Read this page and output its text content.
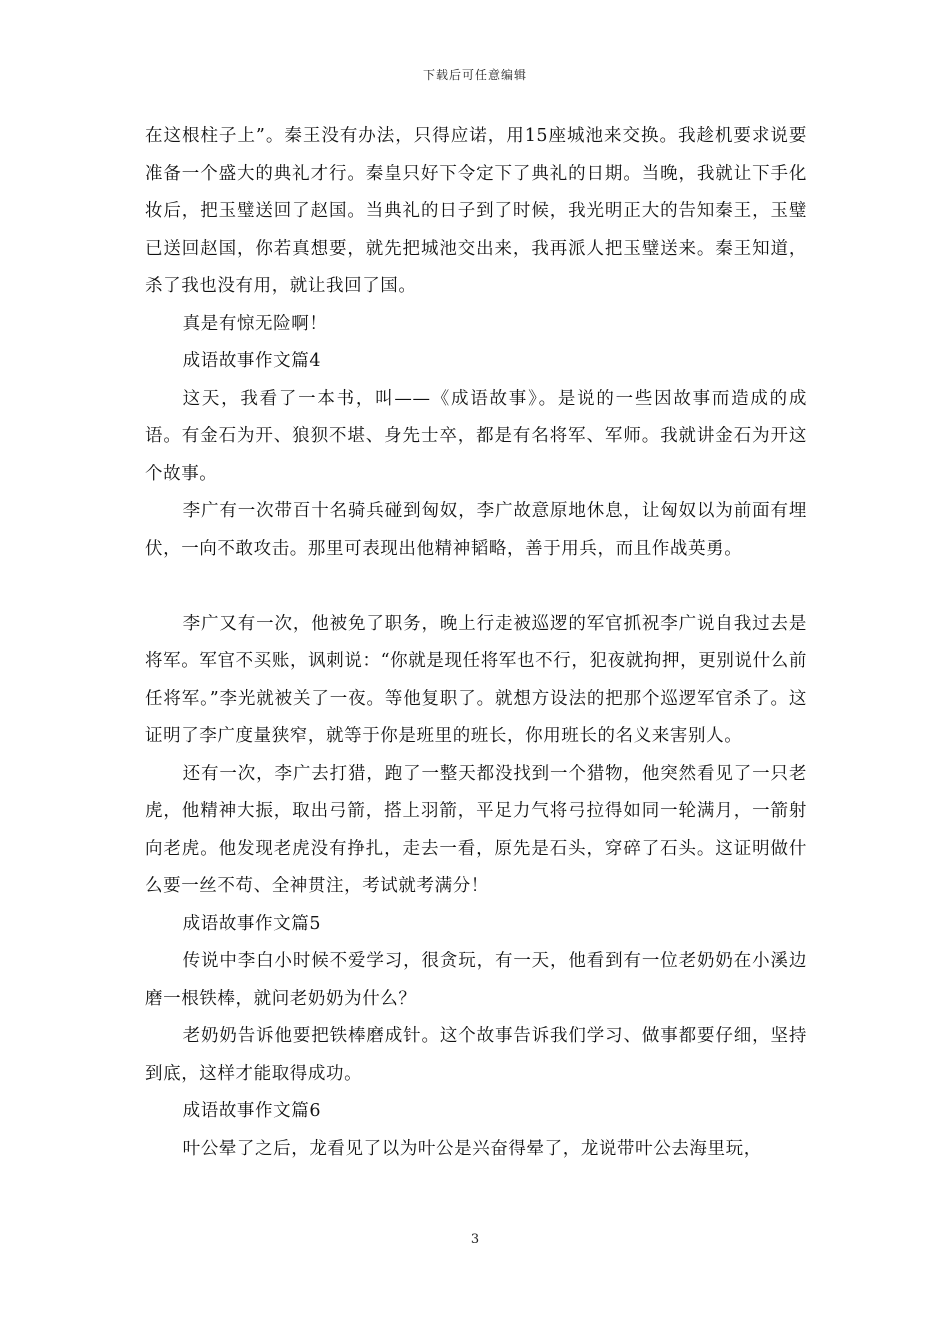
下载后可任意编辑

在这根柱子上”。秦王没有办法，只得应诺，用15座城池来交换。我趁机要求说要准备一个盛大的典礼才行。秦皇只好下令定下了典礼的日期。当晚，我就让下手化妆后，把玉璧送回了赵国。当典礼的日子到了时候，我光明正大的告知秦王，玉璧已送回赵国，你若真想要，就先把城池交出来，我再派人把玉璧送来。秦王知道，杀了我也没有用，就让我回了国。

真是有惊无险啊！

成语故事作文篇4

这天，我看了一本书，叫——《成语故事》。是说的一些因故事而造成的成语。有金石为开、狼狈不堪、身先士卒，都是有名将军、军师。我就讲金石为开这个故事。

李广有一次带百十名骑兵碰到匈奴，李广故意原地休息，让匈奴以为前面有埋伏，一向不敢攻击。那里可表现出他精神韬略，善于用兵，而且作战英勇。

李广又有一次，他被免了职务，晚上行走被巡逻的军官抓祝李广说自我过去是将军。军官不买账，讽刺说：“你就是现任将军也不行，犯夜就拘押，更别说什么前任将军。”李光就被关了一夜。等他复职了。就想方设法的把那个巡逻军官杀了。这证明了李广度量狭窄，就等于你是班里的班长，你用班长的名义来害别人。

还有一次，李广去打猎，跑了一整天都没找到一个猎物，他突然看见了一只老虎，他精神大振，取出弓箭，搭上羽箭，平足力气将弓拉得如同一轮满月，一箭射向老虎。他发现老虎没有挣扎，走去一看，原先是石头，穿碎了石头。这证明做什么要一丝不苟、全神贯注，考试就考满分！

成语故事作文篇5

传说中李白小时候不爱学习，很贪玩，有一天，他看到有一位老奶奶在小溪边磨一根铁棒，就问老奶奶为什么？

老奶奶告诉他要把铁棒磨成针。这个故事告诉我们学习、做事都要仔细，坚持到底，这样才能取得成功。

成语故事作文篇6

叶公晕了之后，龙看见了以为叶公是兴奋得晕了，龙说带叶公去海里玩，

3
